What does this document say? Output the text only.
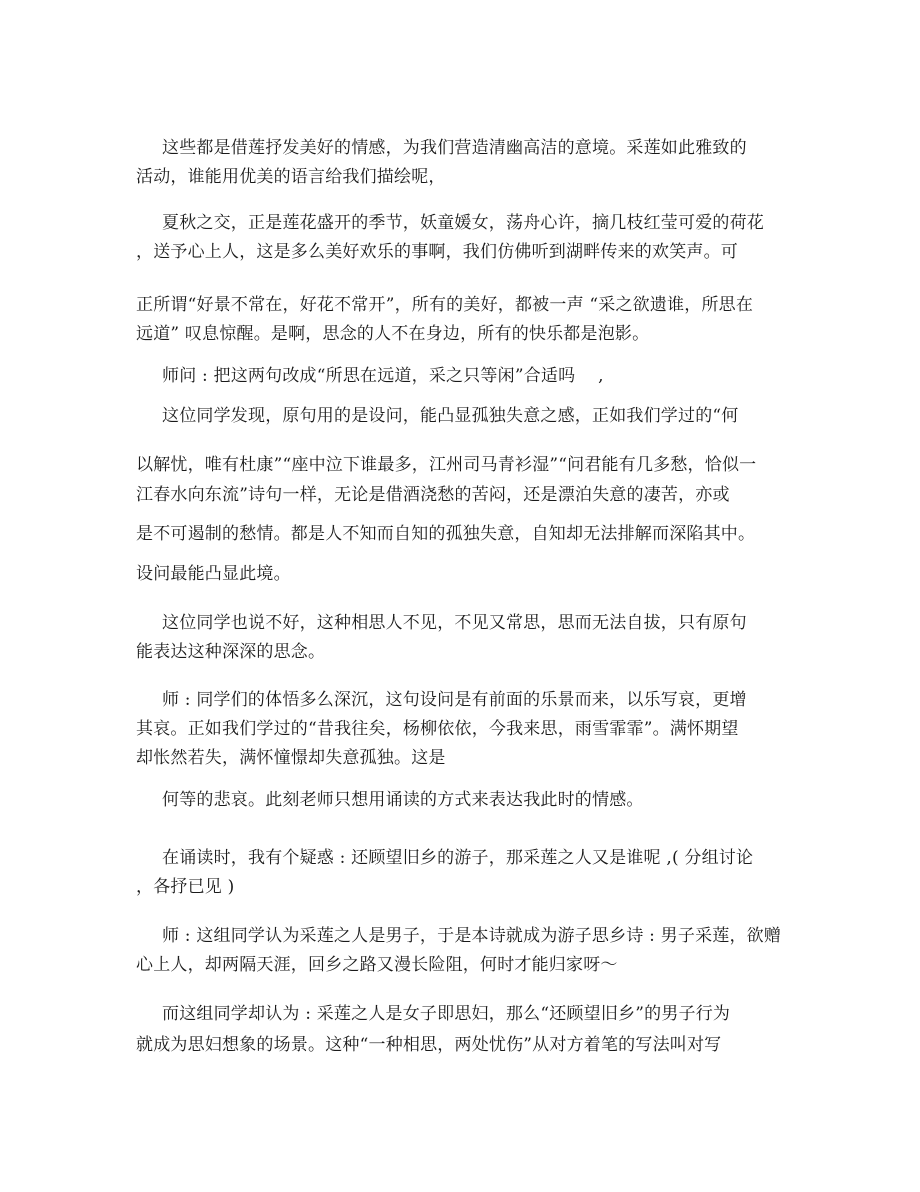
这些都是借莲抒发美好的情感，为我们营造清幽高洁的意境。采莲如此雅致的

活动，谁能用优美的语言给我们描绘呢，

夏秋之交，正是莲花盛开的季节，妖童媛女，荡舟心许，摘几枝红莹可爱的荷花

，送予心上人，这是多么美好欢乐的事啊，我们仿佛听到湖畔传来的欢笑声。可

正所谓“好景不常在，好花不常开”，所有的美好，都被一声 “采之欲遗谁，所思在

远道” 叹息惊醒。是啊，思念的人不在身边，所有的快乐都是泡影。

师问 : 把这两句改成“所思在远道，采之只等闲”合适吗　 ,

这位同学发现，原句用的是设问，能凸显孤独失意之感，正如我们学过的“何

以解忧，唯有杜康”“座中泣下谁最多，江州司马青衫湿”“问君能有几多愁，恰似一

江春水向东流”诗句一样，无论是借酒浇愁的苦闷，还是漂泊失意的凄苦，亦或

是不可遏制的愁情。都是人不知而自知的孤独失意，自知却无法排解而深陷其中。

设问最能凸显此境。

这位同学也说不好，这种相思人不见，不见又常思，思而无法自拔，只有原句

能表达这种深深的思念。

师 : 同学们的体悟多么深沉，这句设问是有前面的乐景而来，以乐写哀，更增

其哀。正如我们学过的“昔我往矣，杨柳依依，今我来思，雨雪霏霏”。满怀期望

却怅然若失，满怀憧憬却失意孤独。这是

何等的悲哀。此刻老师只想用诵读的方式来表达我此时的情感。

在诵读时，我有个疑惑 : 还顾望旧乡的游子，那采莲之人又是谁呢 ,( 分组讨论

，各抒已见 )

师 : 这组同学认为采莲之人是男子，于是本诗就成为游子思乡诗 : 男子采莲，欲赠

心上人，却两隔天涯，回乡之路又漫长险阻，何时才能归家呀～

而这组同学却认为 : 采莲之人是女子即思妇，那么“还顾望旧乡”的男子行为

就成为思妇想象的场景。这种“一种相思，两处忧伤”从对方着笔的写法叫对写
